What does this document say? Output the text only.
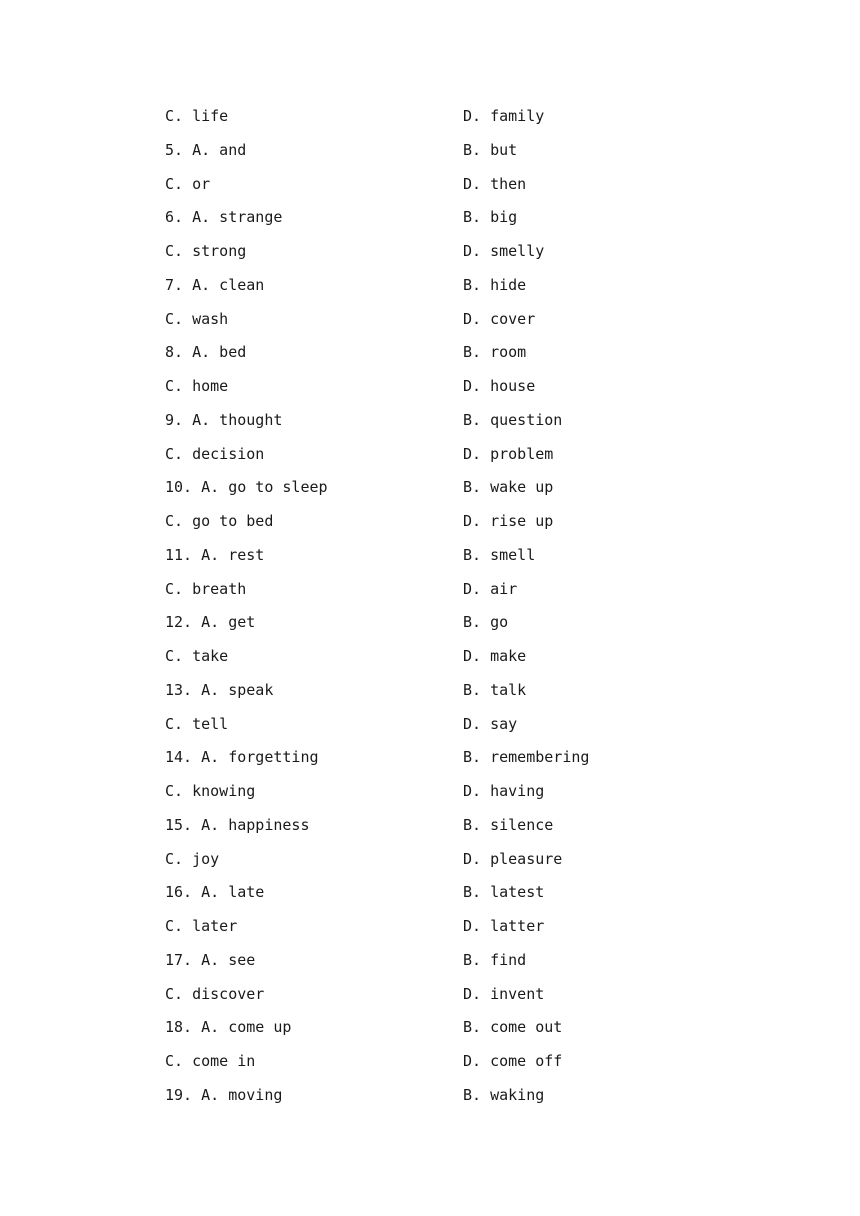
C. life	D. family
5. A. and	B. but
C. or	D. then
6. A. strange	B. big
C. strong	D. smelly
7. A. clean	B. hide
C. wash	D. cover
8. A. bed	B. room
C. home	D. house
9. A. thought	B. question
C. decision	D. problem
10. A. go to sleep	B. wake up
C. go to bed	D. rise up
11. A. rest	B. smell
C. breath	D. air
12. A. get	B. go
C. take	D. make
13. A. speak	B. talk
C. tell	D. say
14. A. forgetting	B. remembering
C. knowing	D. having
15. A. happiness	B. silence
C. joy	D. pleasure
16. A. late	B. latest
C. later	D. latter
17. A. see	B. find
C. discover	D. invent
18. A. come up	B. come out
C. come in	D. come off
19. A. moving	B. waking
